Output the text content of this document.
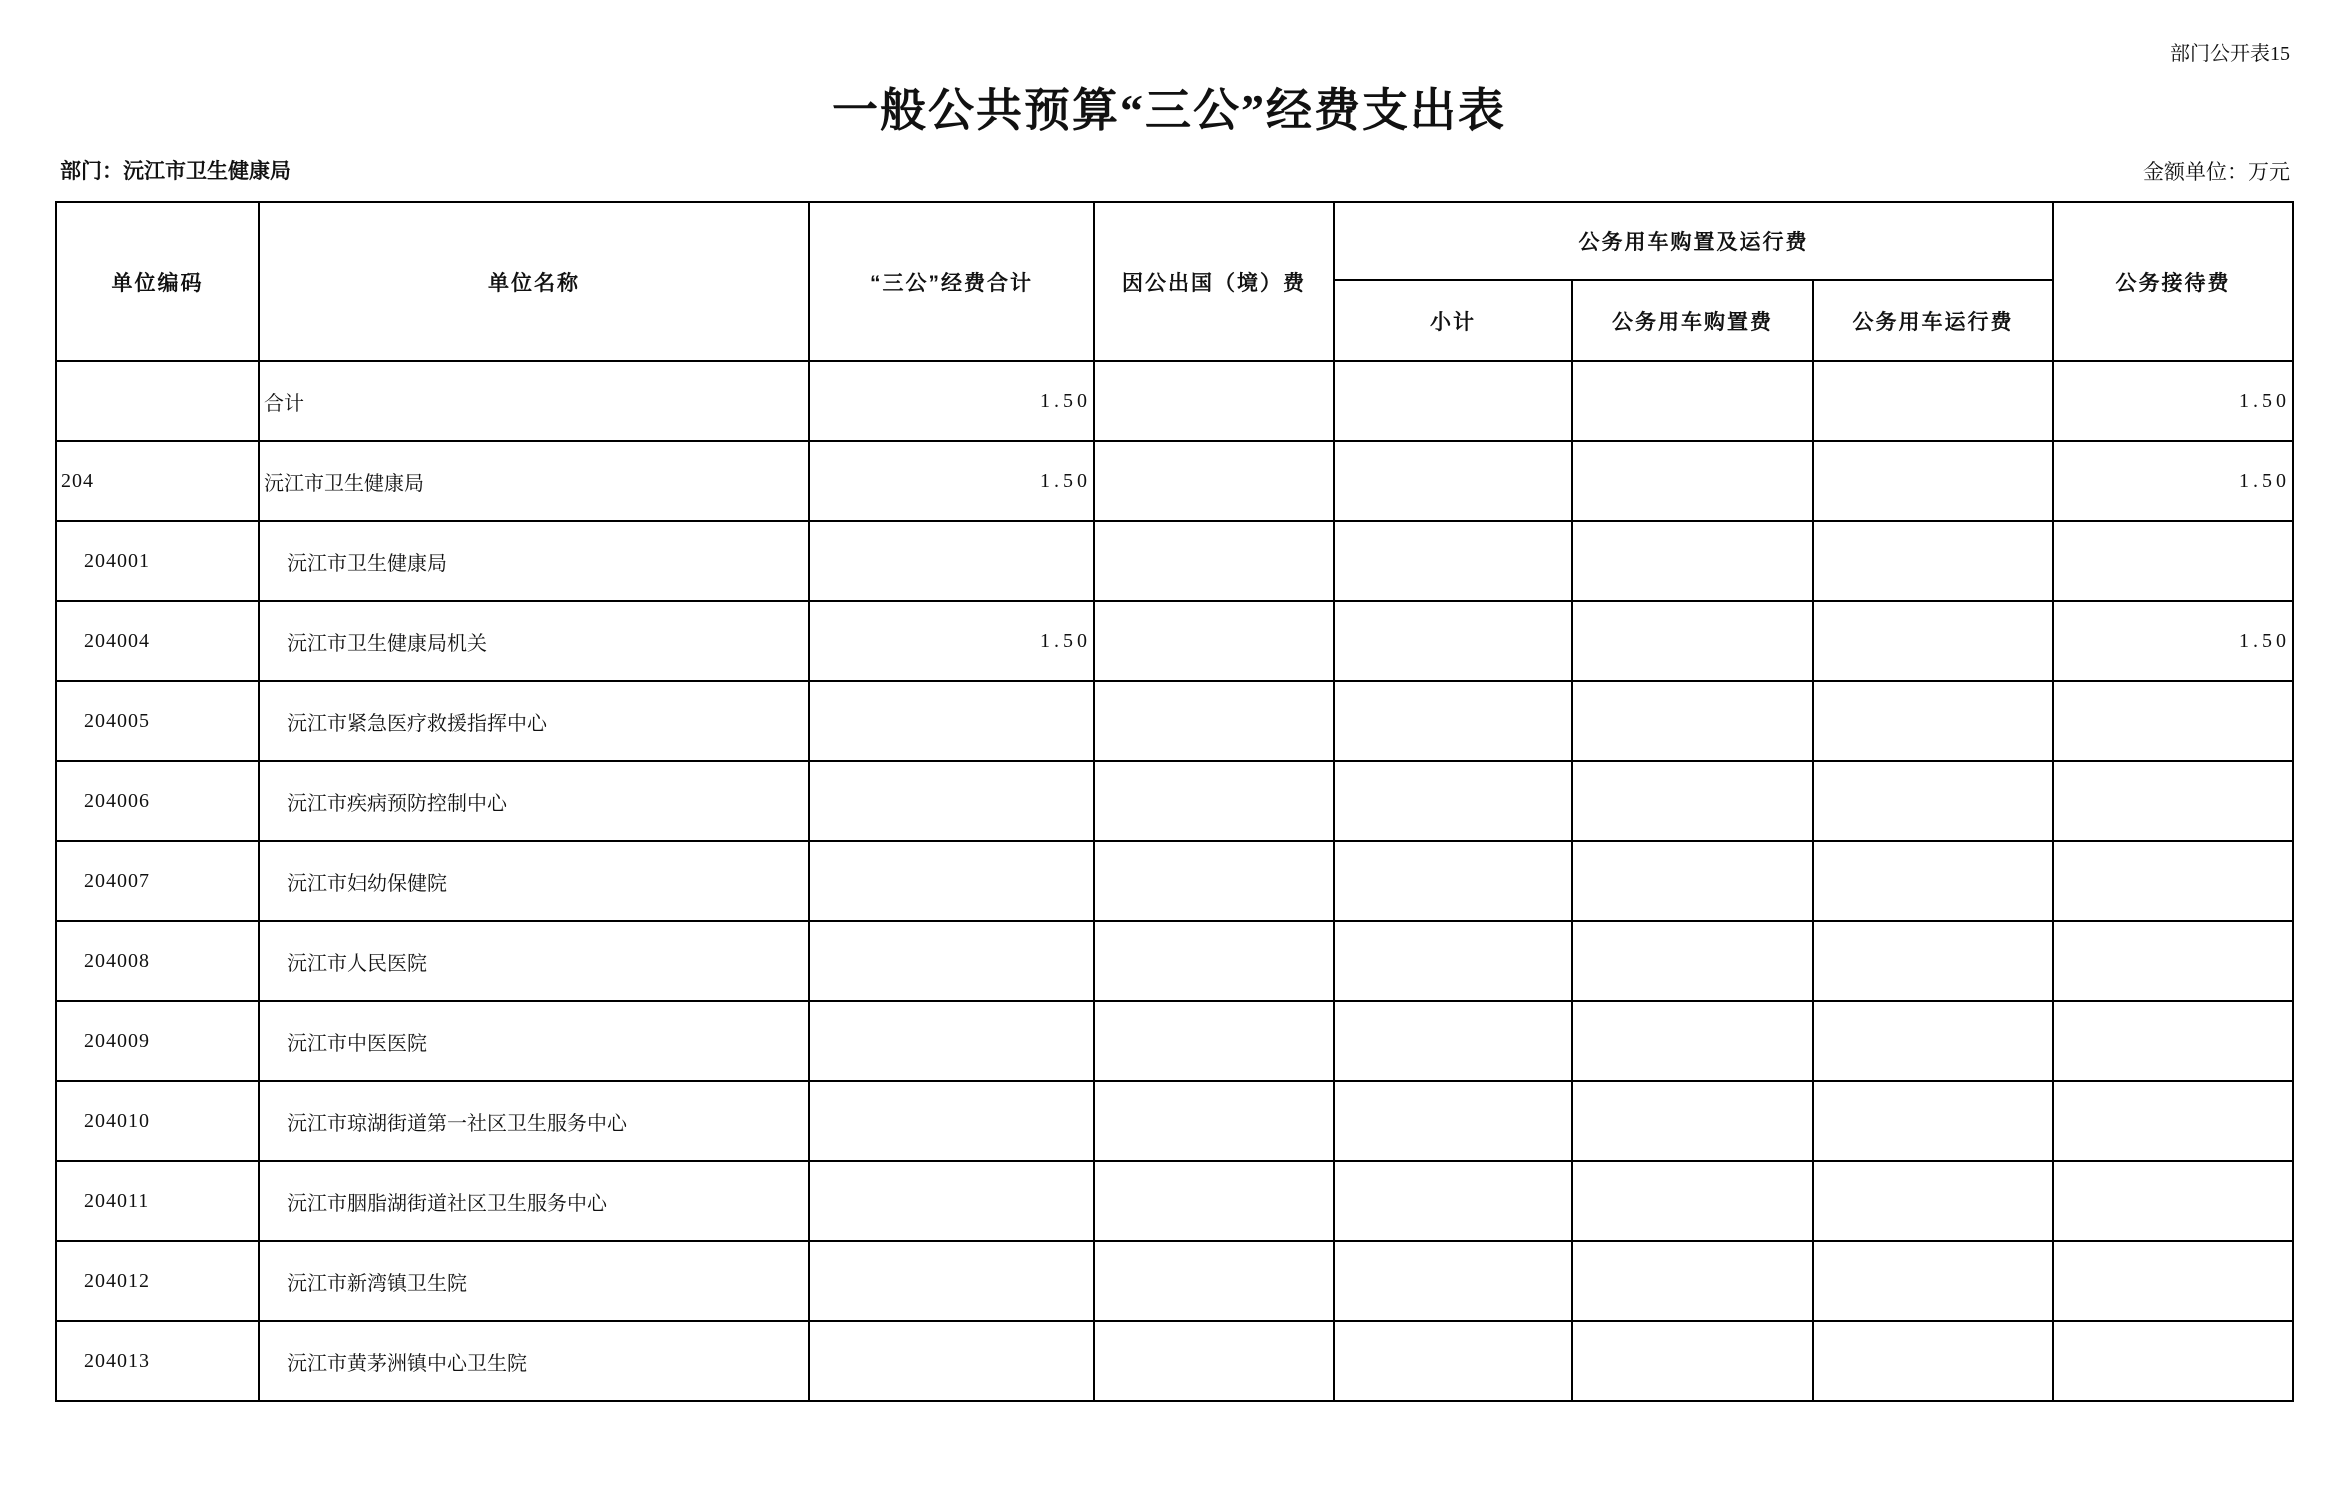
部门公开表15
一般公共预算“三公”经费支出表
部门：沅江市卫生健康局	金额单位：万元
单位编码	单位名称	“三公”经费合计	因公出国（境）费	公务用车购置及运行费			公务接待费
				小计	公务用车购置费	公务用车运行费	
	合计	1.50					1.50
204	沅江市卫生健康局	1.50					1.50
204001	沅江市卫生健康局						
204004	沅江市卫生健康局机关	1.50					1.50
204005	沅江市紧急医疗救援指挥中心						
204006	沅江市疾病预防控制中心						
204007	沅江市妇幼保健院						
204008	沅江市人民医院						
204009	沅江市中医医院						
204010	沅江市琼湖街道第一社区卫生服务中心						
204011	沅江市胭脂湖街道社区卫生服务中心						
204012	沅江市新湾镇卫生院						
204013	沅江市黄茅洲镇中心卫生院						
